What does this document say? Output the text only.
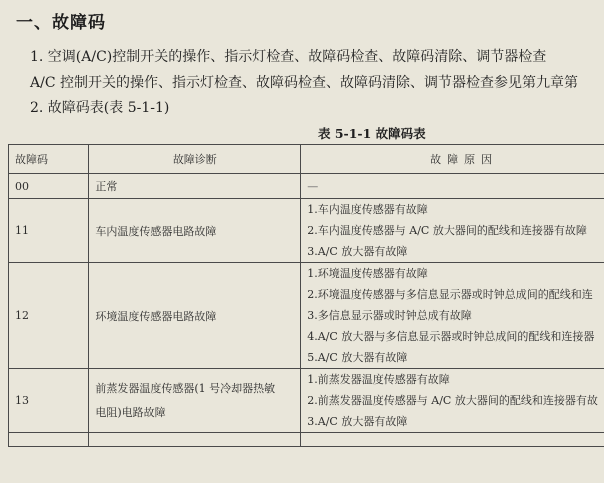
一、故障码
1. 空调(A/C)控制开关的操作、指示灯检查、故障码检查、故障码清除、调节器检查
A/C 控制开关的操作、指示灯检查、故障码检查、故障码清除、调节器检查参见第九章第
2. 故障码表(表 5-1-1)
表 5-1-1 故障码表
故障码	故障诊断	故障原因
00	正常	—
11	车内温度传感器电路故障	1.车内温度传感器有故障
2.车内温度传感器与 A/C 放大器间的配线和连接器有故障
3.A/C 放大器有故障

12	环境温度传感器电路故障	1.环境温度传感器有故障
2.环境温度传感器与多信息显示器或时钟总成间的配线和连
3.多信息显示器或时钟总成有故障
4.A/C 放大器与多信息显示器或时钟总成间的配线和连接器
5.A/C 放大器有故障

13	前蒸发器温度传感器(1 号冷却器热敏
电阻)电路故障	1.前蒸发器温度传感器有故障
2.前蒸发器温度传感器与 A/C 放大器间的配线和连接器有故
3.A/C 放大器有故障
